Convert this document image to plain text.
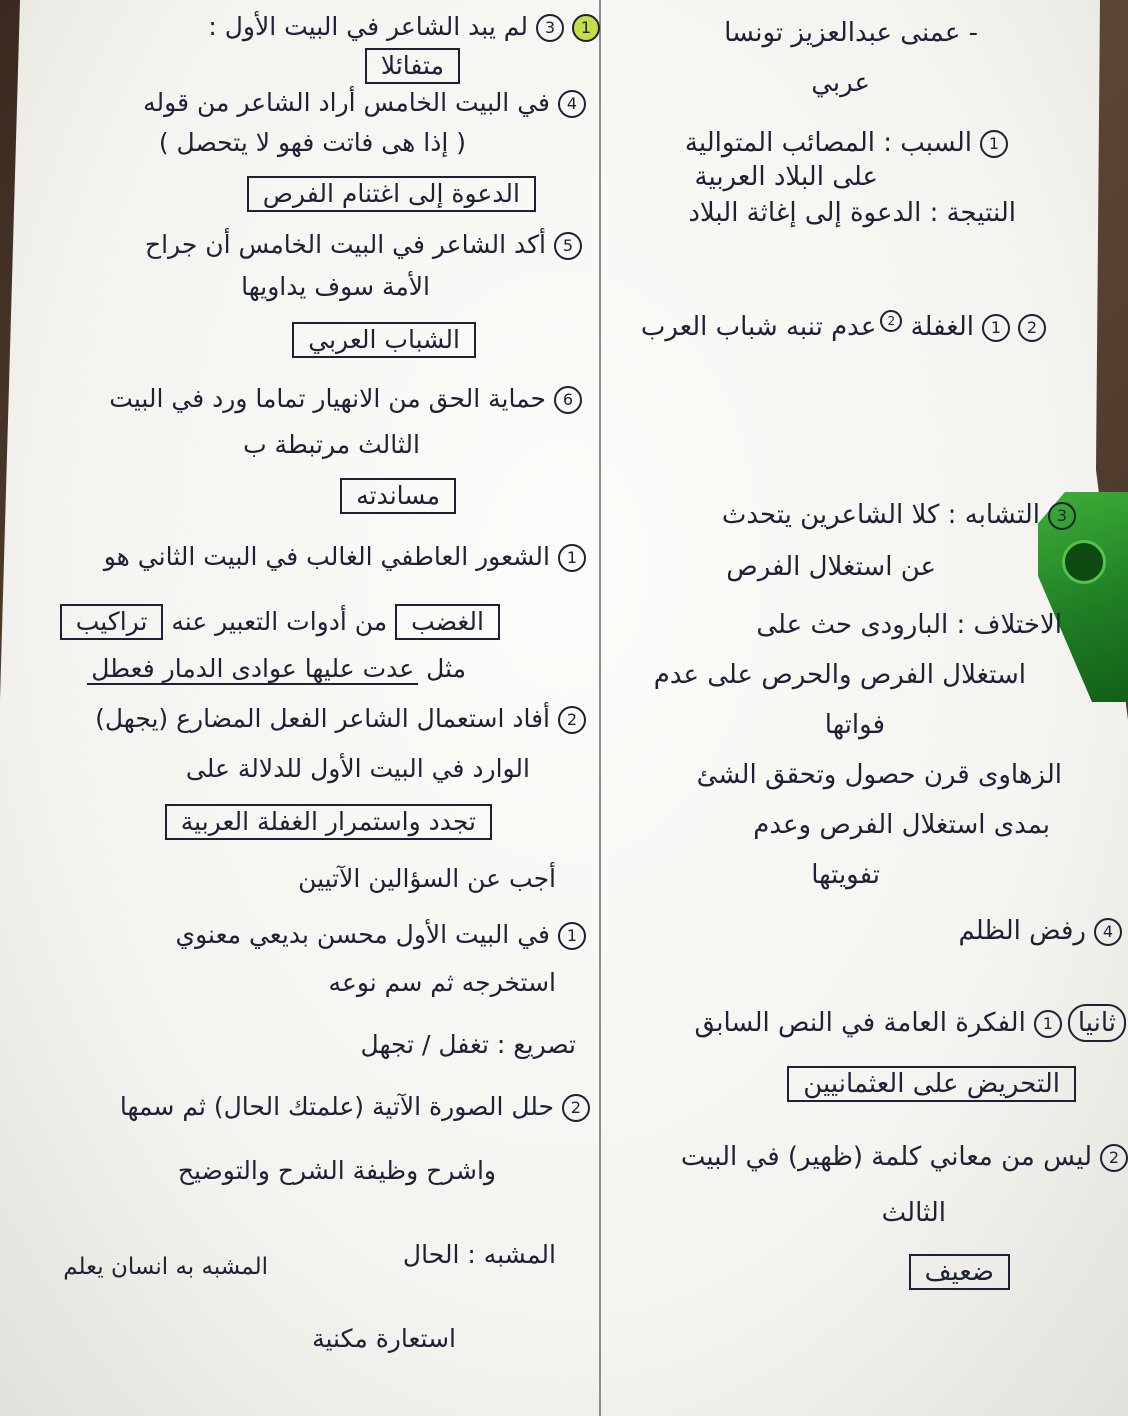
- عمنى عبدالعزيز تونسا
عربي
1السبب : المصائب المتوالية
على البلاد العربية
النتيجة : الدعوة إلى إغاثة البلاد
21الغفلة 2عدم تنبه شباب العرب
3التشابه : كلا الشاعرين يتحدث
عن استغلال الفرص
الاختلاف : البارودى حث على
استغلال الفرص والحرص على عدم
فواتها
الزهاوى قرن حصول وتحقق الشئ
بمدى استغلال الفرص وعدم
تفويتها
4رفض الظلم
ثانيا1الفكرة العامة في النص السابق
التحريض على العثمانيين
2ليس من معاني كلمة (ظهير) في البيت
الثالث
ضعيف
13لم يبد الشاعر في البيت الأول :
متفائلا
4في البيت الخامس أراد الشاعر من قوله
( إذا هى فاتت فهو لا يتحصل )
الدعوة إلى اغتنام الفرص
5أكد الشاعر في البيت الخامس أن جراح
الأمة سوف يداويها
الشباب العربي
6حماية الحق من الانهيار تماما ورد في البيت
الثالث مرتبطة ب
مساندته
1الشعور العاطفي الغالب في البيت الثاني هو
الغضب من أدوات التعبير عنه تراكيب
مثل عدت عليها عوادى الدمار فعطل
2أفاد استعمال الشاعر الفعل المضارع (يجهل)
الوارد في البيت الأول للدلالة على
تجدد واستمرار الغفلة العربية
أجب عن السؤالين الآتيين
1في البيت الأول محسن بديعي معنوي
استخرجه ثم سم نوعه
تصريع : تغفل / تجهل
2حلل الصورة الآتية (علمتك الحال) ثم سمها
واشرح وظيفة الشرح والتوضيح
المشبه : الحال
المشبه به انسان يعلم
استعارة مكنية
